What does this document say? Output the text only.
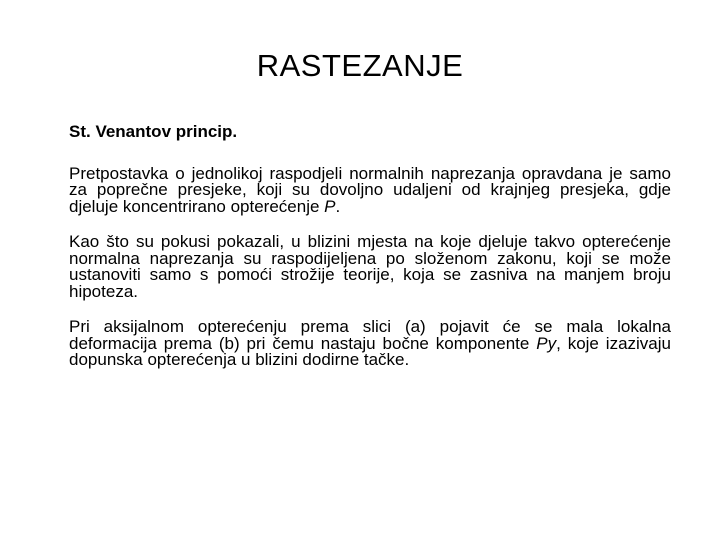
RASTEZANJE

St. Venantov princip.

Pretpostavka o jednolikoj raspodjeli normalnih naprezanja opravdana je samo za poprečne presjeke, koji su dovoljno udaljeni od krajnjeg presjeka, gdje djeluje koncentrirano opterećenje P.

Kao što su pokusi pokazali, u blizini mjesta na koje djeluje takvo opterećenje normalna naprezanja su raspodijeljena po složenom zakonu, koji se može ustanoviti samo s pomoći strožije teorije, koja se zasniva na manjem broju hipoteza.

Pri aksijalnom opterećenju prema slici (a) pojavit će se mala lokalna deformacija prema (b) pri čemu nastaju bočne komponente Py, koje izazivaju dopunska opterećenja u blizini dodirne tačke.
